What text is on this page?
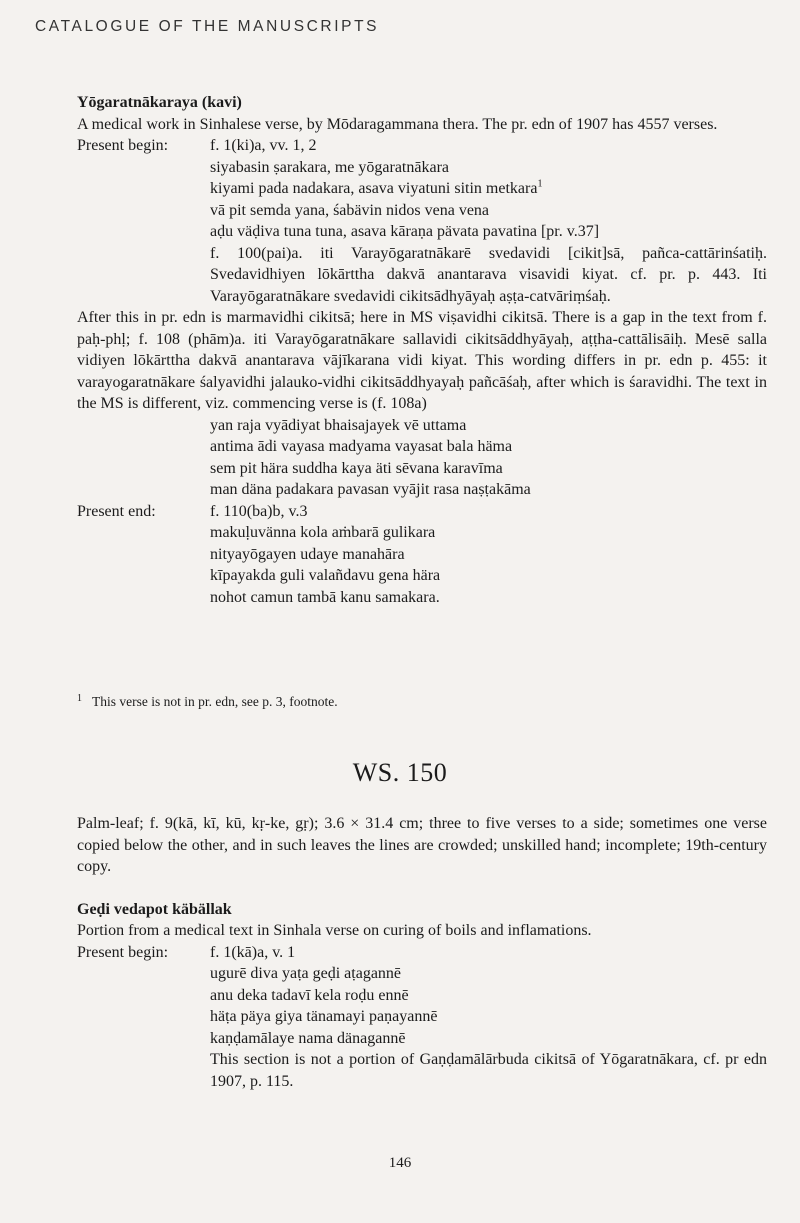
CATALOGUE OF THE MANUSCRIPTS

Yōgaratnākaraya (kavi)

A medical work in Sinhalese verse, by Mōdaragammana thera. The pr. edn of 1907 has 4557 verses.

Present begin:	f. 1(ki)a, vv. 1, 2

siyabasin ṣarakara, me yōgaratnākara

kiyami pada nadakara, asava viyatuni sitin metkara$^1$

vā pit semda yana, śabävin nidos vena vena

aḍu väḍiva tuna tuna, asava kāraṇa pävata pavatina [pr. v.37]

f. 100(pai)a. iti Varayōgaratnākarē svedavidi [cikit]sā, pañca-cattārinśatiḥ. Svedavidhiyen lōkārttha dakvā anantarava visavidi kiyat. cf. pr. p. 443. Iti Varayōgaratnākare svedavidi cikitsādhyāyaḥ aṣṭa-catvāriṃśaḥ.

After this in pr. edn is marmavidhi cikitsā; here in MS viṣavidhi cikitsā. There is a gap in the text from f. paḥ-phḷ; f. 108 (phām)a. iti Varayōgaratnākare sallavidi cikitsāddhyāyaḥ, aṭṭha-cattālisāiḥ. Mesē salla vidiyen lōkārttha dakvā anantarava vājīkarana vidi kiyat. This wording differs in pr. edn p. 455: it varayogaratnākare śalyavidhi jalauko-vidhi cikitsāddhyayaḥ pañcāśaḥ, after which is śaravidhi. The text in the MS is different, viz. commencing verse is (f. 108a)

yan raja vyādiyat bhaisajayek vē uttama

antima ādi vayasa madyama vayasat bala häma

sem pit hära suddha kaya äti sēvana karavīma

man däna padakara pavasan vyājit rasa naṣṭakāma

Present end:	f. 110(ba)b, v.3

makuḷuvänna kola aṁbarā gulikara

nityayōgayen udaye manahāra

kīpayakda guli valañdavu gena hära

nohot camun tambā kanu samakara.

$^1$ This verse is not in pr. edn, see p. 3, footnote.
WS. 150

Palm-leaf; f. 9(kā, kī, kū, kṛ-ke, gṛ); 3.6 × 31.4 cm; three to five verses to a side; sometimes one verse copied below the other, and in such leaves the lines are crowded; unskilled hand; incomplete; 19th-century copy.

Geḍi vedapot käbällak

Portion from a medical text in Sinhala verse on curing of boils and inflamations.

Present begin:	f. 1(kā)a, v. 1

ugurē diva yaṭa geḍi aṭagannē

anu deka tadavī kela roḍu ennē

häṭa päya giya tänamayi paṇayannē

kaṇḍamālaye nama dänagannē

This section is not a portion of Gaṇḍamālārbuda cikitsā of Yōgaratnākara, cf. pr edn 1907, p. 115.

146
